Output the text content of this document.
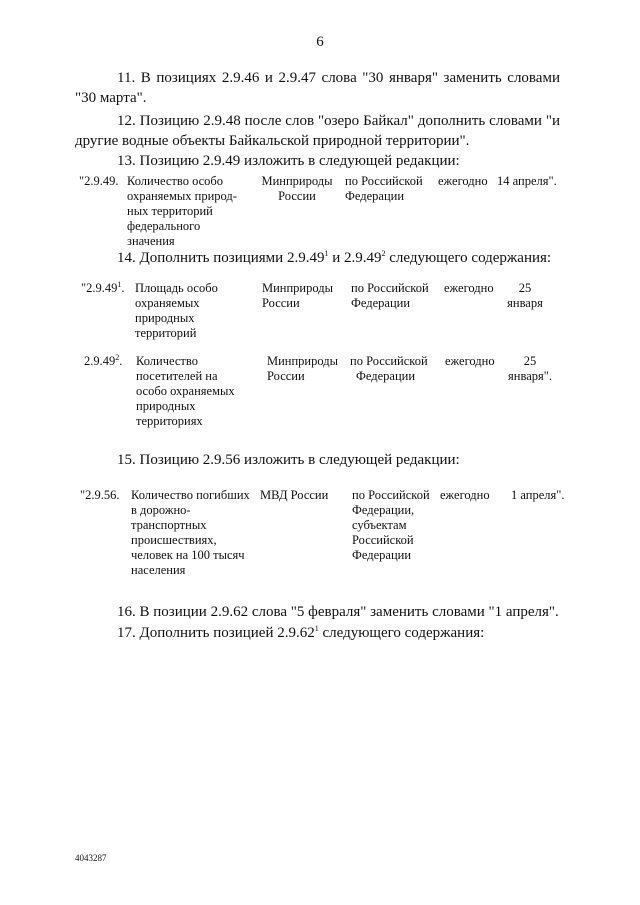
6
11. В позициях 2.9.46 и 2.9.47 слова "30 января" заменить словами
"30 марта".
12. Позицию 2.9.48 после слов "озеро Байкал" дополнить словами "и
другие водные объекты Байкальской природной территории".
13. Позицию 2.9.49 изложить в следующей редакции:
"2.9.49. Количество особо
охраняемых природ-
ных территорий
федерального
значения
Минприроды
России
по Российской
Федерации
ежегодно 14 апреля".
14. Дополнить позициями 2.9.49$^1$ и 2.9.49$^2$ следующего содержания:
"2.9.49$^1$. Площадь особо
охраняемых
природных
территорий
Минприроды
России
по Российской
Федерации
ежегодно	25
января
2.9.49$^2$. Количество
посетителей на
особо охраняемых
природных
территориях
Минприроды
России
по Российской
Федерации
ежегодно	25
января".
15. Позицию 2.9.56 изложить в следующей редакции:
"2.9.56. Количество погибших
в дорожно-
транспортных
происшествиях,
человек на 100 тысяч
населения
МВД России по Российской
Федерации,
субъектам
Российской
Федерации
ежегодно 1 апреля".
16. В позиции 2.9.62 слова "5 февраля" заменить словами "1 апреля".
17. Дополнить позицией 2.9.62$^1$ следующего содержания:
4043287
